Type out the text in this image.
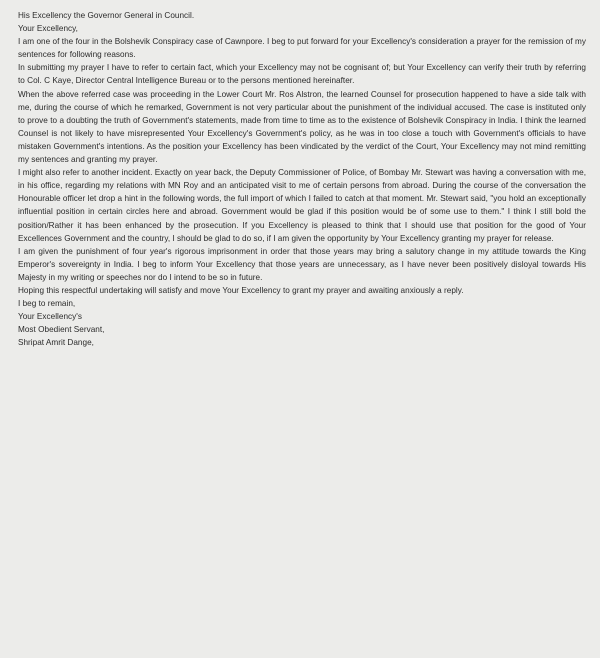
His Excellency the Governor General in Council.

Your Excellency,

I am one of the four in the Bolshevik Conspiracy case of Cawnpore. I beg to put forward for your Excellency's consideration a prayer for the remission of my sentences for following reasons.

In submitting my prayer I have to refer to certain fact, which your Excellency may not be cognisant of; but Your Excellency can verify their truth by referring to Col. C Kaye, Director Central Intelligence Bureau or to the persons mentioned hereinafter.

When the above referred case was proceeding in the Lower Court Mr. Ros Alstron, the learned Counsel for prosecution happened to have a side talk with me, during the course of which he remarked, Government is not very particular about the punishment of the individual accused. The case is instituted only to prove to a doubting the truth of Government's statements, made from time to time as to the existence of Bolshevik Conspiracy in India. I think the learned Counsel is not likely to have misrepresented Your Excellency's Government's policy, as he was in too close a touch with Government's officials to have mistaken Government's intentions. As the position your Excellency has been vindicated by the verdict of the Court, Your Excellency may not mind remitting my sentences and granting my prayer.

I might also refer to another incident. Exactly on year back, the Deputy Commissioner of Police, of Bombay Mr. Stewart was having a conversation with me, in his office, regarding my relations with MN Roy and an anticipated visit to me of certain persons from abroad. During the course of the conversation the Honourable officer let drop a hint in the following words, the full import of which I failed to catch at that moment. Mr. Stewart said, "you hold an exceptionally influential position in certain circles here and abroad. Government would be glad if this position would be of some use to them." I think I still bold the position/Rather it has been enhanced by the prosecution. If you Excellency is pleased to think that I should use that position for the good of Your Excellences Government and the country, I should be glad to do so, if I am given the opportunity by Your Excellency granting my prayer for release.

I am given the punishment of four year's rigorous imprisonment in order that those years may bring a salutory change in my attitude towards the King Emperor's sovereignty in India. I beg to inform Your Excellency that those years are unnecessary, as I have never been positively disloyal towards His Majesty in my writing or speeches nor do I intend to be so in future.

Hoping this respectful undertaking will satisfy and move Your Excellency to grant my prayer and awaiting anxiously a reply.

I beg to remain,

Your Excellency's

Most Obedient Servant,

Shripat Amrit Dange,
